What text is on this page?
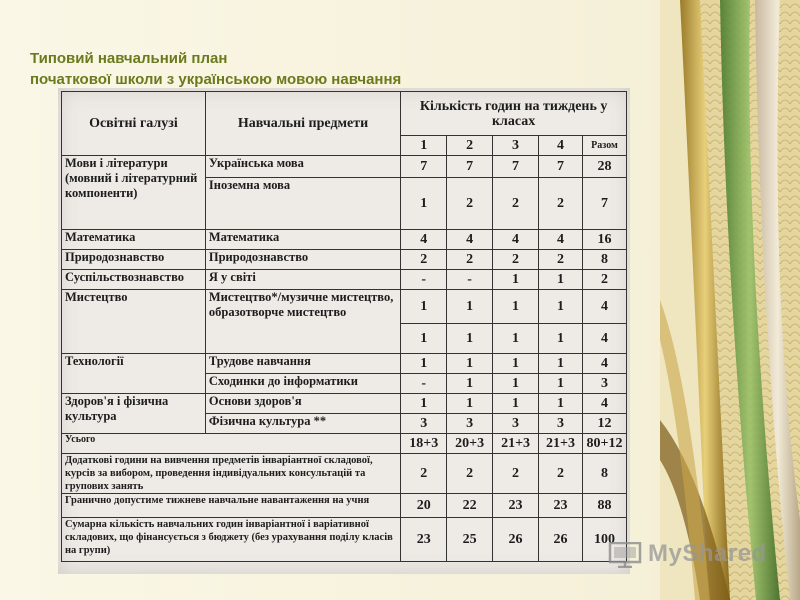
Типовий навчальний план
початкової школи з українською мовою навчання
Освітні галузі	Навчальні предмети	Кількість годин на тиждень у класах				
		1	2	3	4	Разом
Мови і літератури (мовний і літературний компоненти)	Українська мова	7	7	7	7	28
	Іноземна мова	1	2	2	2	7
Математика	Математика	4	4	4	4	16
Природознавство	Природознавство	2	2	2	2	8
Суспільствознавство	Я у світі	-	-	1	1	2
Мистецтво	Мистецтво*/музичне мистецтво, образотворче мистецтво	1	1	1	1	4
		1	1	1	1	4
Технології	Трудове навчання	1	1	1	1	4
	Сходинки до інформатики	-	1	1	1	3
Здоров'я і фізична культура	Основи здоров'я	1	1	1	1	4
	Фізична культура **	3	3	3	3	12
Усього		18+3	20+3	21+3	21+3	80+12
Додаткові години на вивчення предметів інваріантної складової, курсів за вибором, проведення індивідуальних консультацій та групових занять		2	2	2	2	8
Гранично допустиме тижневе навчальне навантаження на учня		20	22	23	23	88
Сумарна кількість навчальних годин інваріантної і варіативної складових, що фінансується з бюджету (без урахування поділу класів на групи)		23	25	26	26	100
MyShared
